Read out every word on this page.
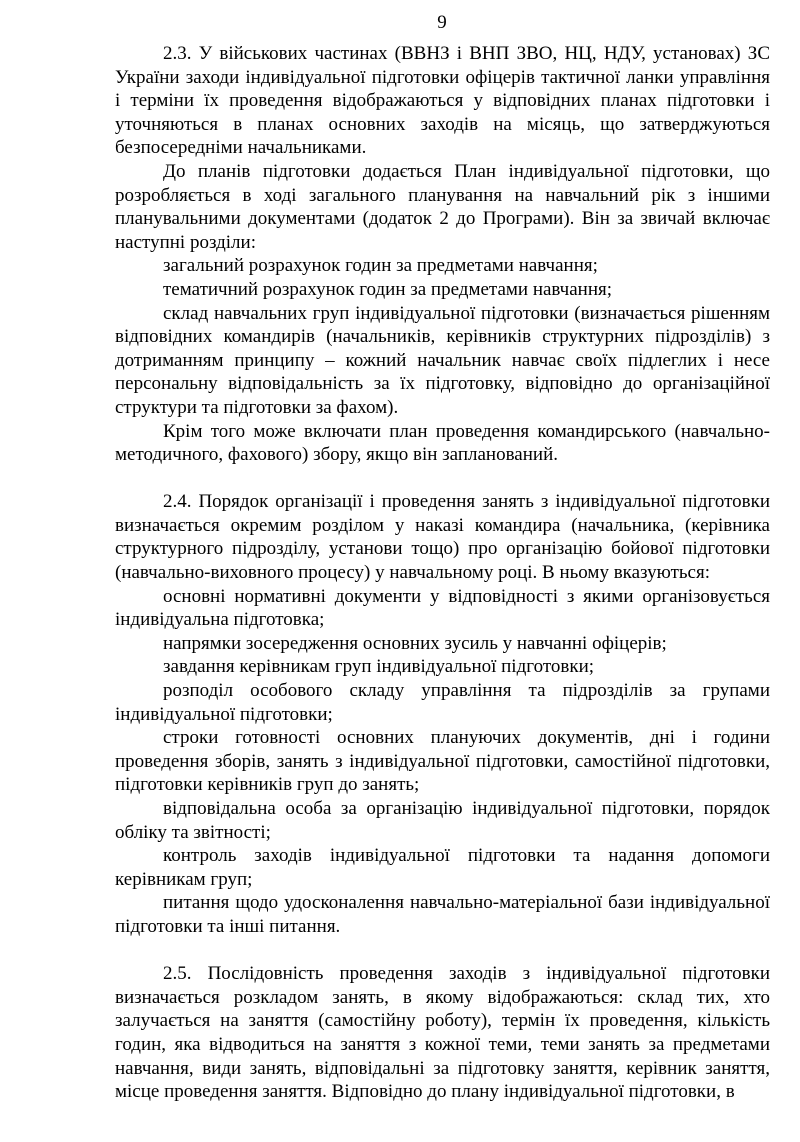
9

2.3. У військових частинах (ВВНЗ і ВНП ЗВО, НЦ, НДУ, установах) ЗС України заходи індивідуальної підготовки офіцерів тактичної ланки управління і терміни їх проведення відображаються у відповідних планах підготовки і уточняються в планах основних заходів на місяць, що затверджуються безпосередніми начальниками.

До планів підготовки додається План індивідуальної підготовки, що розробляється в ході загального планування на навчальний рік з іншими планувальними документами (додаток 2 до Програми). Він за звичай включає наступні розділи:

загальний розрахунок годин за предметами навчання;

тематичний розрахунок годин за предметами навчання;

склад навчальних груп індивідуальної підготовки (визначається рішенням відповідних командирів (начальників, керівників структурних підрозділів) з дотриманням принципу – кожний начальник навчає своїх підлеглих і несе персональну відповідальність за їх підготовку, відповідно до організаційної структури та підготовки за фахом).

Крім того може включати план проведення командирського (навчально-методичного, фахового) збору, якщо він запланований.

2.4. Порядок організації і проведення занять з індивідуальної підготовки визначається окремим розділом у наказі командира (начальника, (керівника структурного підрозділу, установи тощо) про організацію бойової підготовки (навчально-виховного процесу) у навчальному році. В ньому вказуються:

основні нормативні документи у відповідності з якими організовується індивідуальна підготовка;

напрямки зосередження основних зусиль у навчанні офіцерів;

завдання керівникам груп індивідуальної підготовки;

розподіл особового складу управління та підрозділів за групами індивідуальної підготовки;

строки готовності основних плануючих документів, дні і години проведення зборів, занять з індивідуальної підготовки, самостійної підготовки, підготовки керівників груп до занять;

відповідальна особа за організацію індивідуальної підготовки, порядок обліку та звітності;

контроль заходів індивідуальної підготовки та надання допомоги керівникам груп;

питання щодо удосконалення навчально-матеріальної бази індивідуальної підготовки та інші питання.

2.5. Послідовність проведення заходів з індивідуальної підготовки визначається розкладом занять, в якому відображаються: склад тих, хто залучається на заняття (самостійну роботу), термін їх проведення, кількість годин, яка відводиться на заняття з кожної теми, теми занять за предметами навчання, види занять, відповідальні за підготовку заняття, керівник заняття, місце проведення заняття. Відповідно до плану індивідуальної підготовки, в
